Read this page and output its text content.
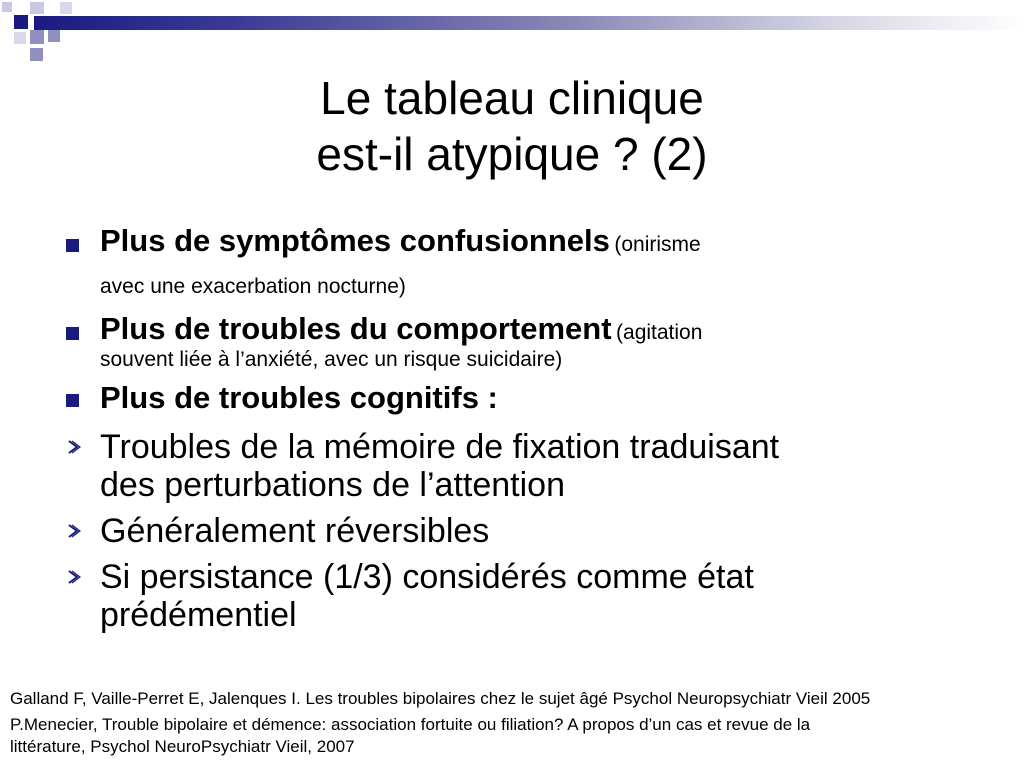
Le tableau clinique
est-il atypique ? (2)
Plus de symptômes confusionnels (onirisme
avec une exacerbation nocturne)
Plus de troubles du comportement (agitation
souvent liée à l’anxiété, avec un risque suicidaire)
Plus de troubles cognitifs :
Troubles de la mémoire de fixation traduisant
des perturbations de l’attention
Généralement réversibles
Si persistance (1/3) considérés comme état
prédémentiel
Galland F, Vaille-Perret E, Jalenques I. Les troubles bipolaires chez le sujet âgé Psychol Neuropsychiatr Vieil 2005
P.Menecier, Trouble bipolaire et démence: association fortuite ou filiation? A propos d’un cas et revue de la
littérature, Psychol NeuroPsychiatr Vieil, 2007
